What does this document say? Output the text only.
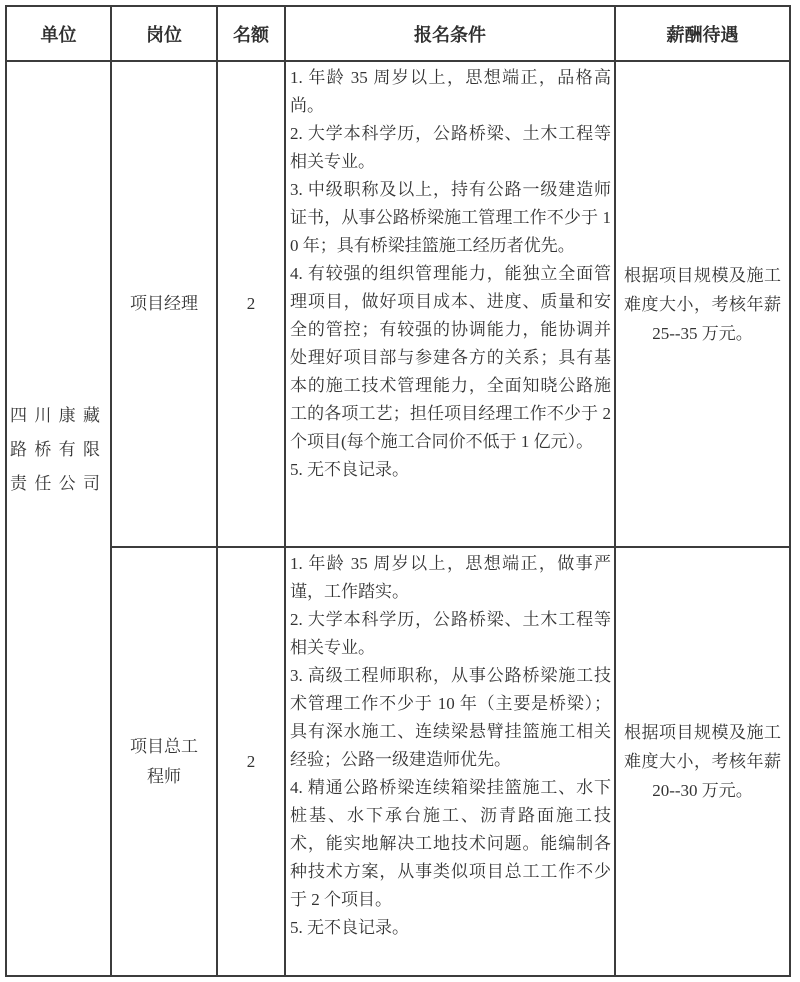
单位	岗位	名额	报名条件	薪酬待遇

四川康藏路桥有限责任公司	项目经理	2	1. 年龄 35 周岁以上，思想端正，品格高尚。
2. 大学本科学历，公路桥梁、土木工程等相关专业。
3. 中级职称及以上，持有公路一级建造师证书，从事公路桥梁施工管理工作不少于 10 年；具有桥梁挂篮施工经历者优先。
4. 有较强的组织管理能力，能独立全面管理项目，做好项目成本、进度、质量和安全的管控；有较强的协调能力，能协调并处理好项目部与参建各方的关系；具有基本的施工技术管理能力，全面知晓公路施工的各项工艺；担任项目经理工作不少于 2 个项目(每个施工合同价不低于 1 亿元）。
5. 无不良记录。	根据项目规模及施工难度大小，考核年薪 25--35 万元。
	项目总工程师	2	1. 年龄 35 周岁以上，思想端正，做事严谨，工作踏实。
2. 大学本科学历，公路桥梁、土木工程等相关专业。
3. 高级工程师职称，从事公路桥梁施工技术管理工作不少于 10 年（主要是桥梁）；具有深水施工、连续梁悬臂挂篮施工相关经验；公路一级建造师优先。
4. 精通公路桥梁连续箱梁挂篮施工、水下桩基、水下承台施工、沥青路面施工技术，能实地解决工地技术问题。能编制各种技术方案，从事类似项目总工工作不少于 2 个项目。
5. 无不良记录。	根据项目规模及施工难度大小，考核年薪 20--30 万元。
